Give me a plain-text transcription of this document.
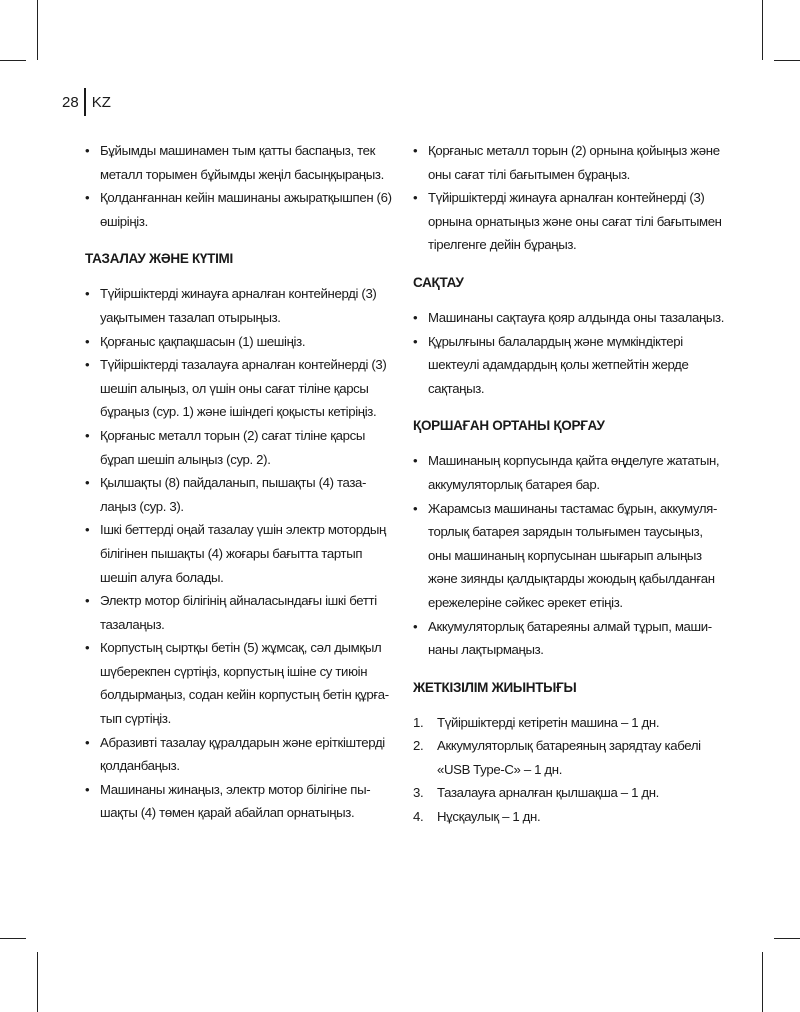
28 KZ
• Бұйымды машинамен тым қатты баспаңыз, тек
металл торымен бұйымды жеңіл басыңқыраңыз.
• Қолданғаннан кейін машинаны ажыратқышпен (6)
өшіріңіз.
ТАЗАЛАУ ЖӘНЕ КҮТІМІ
• Түйіршіктерді жинауға арналған контейнерді (3)
уақытымен тазалап отырыңыз.
• Қорғаныс қақпақшасын (1) шешіңіз.
• Түйіршіктерді тазалауға арналған контейнерді (3)
шешіп алыңыз, ол үшін оны сағат тіліне қарсы
бұраңыз (сур. 1) және ішіндегі қоқысты кетіріңіз.
• Қорғаныс металл торын (2) сағат тіліне қарсы
бұрап шешіп алыңыз (сур. 2).
• Қылшақты (8) пайдаланып, пышақты (4) таза-
лаңыз (сур. 3).
• Ішкі беттерді оңай тазалау үшін электр мотордың
білігінен пышақты (4) жоғары бағытта тартып
шешіп алуға болады.
• Электр мотор білігінің айналасындағы ішкі бетті
тазалаңыз.
• Корпустың сыртқы бетін (5) жұмсақ, сәл дымқыл
шүберекпен сүртіңіз, корпустың ішіне су тиюін
болдырмаңыз, содан кейін корпустың бетін құрға-
тып сүртіңіз.
• Абразивті тазалау құралдарын және еріткіштерді
қолданбаңыз.
• Машинаны жинаңыз, электр мотор білігіне пы-
шақты (4) төмен қарай абайлап орнатыңыз.
• Қорғаныс металл торын (2) орнына қойыңыз және
оны сағат тілі бағытымен бұраңыз.
• Түйіршіктерді жинауға арналған контейнерді (3)
орнына орнатыңыз және оны сағат тілі бағытымен
тірелгенге дейін бұраңыз.
САҚТАУ
• Машинаны сақтауға қояр алдында оны тазалаңыз.
• Құрылғыны балалардың және мүмкіндіктері
шектеулі адамдардың қолы жетпейтін жерде
сақтаңыз.
ҚОРШАҒАН ОРТАНЫ ҚОРҒАУ
• Машинаның корпусында қайта өңделуге жататын,
аккумуляторлық батарея бар.
• Жарамсыз машинаны тастамас бұрын, аккумуля-
торлық батарея зарядын толығымен таусыңыз,
оны машинаның корпусынан шығарып алыңыз
және зиянды қалдықтарды жоюдың қабылданған
ережелеріне сәйкес әрекет етіңіз.
• Аккумуляторлық батареяны алмай тұрып, маши-
наны лақтырмаңыз.
ЖЕТКІЗІЛІМ ЖИЫНТЫҒЫ
1. Түйіршіктерді кетіретін машина – 1 дн.
2. Аккумуляторлық батареяның зарядтау кабелі
«USB Type-C» – 1 дн.
3. Тазалауға арналған қылшақша – 1 дн.
4. Нұсқаулық – 1 дн.
